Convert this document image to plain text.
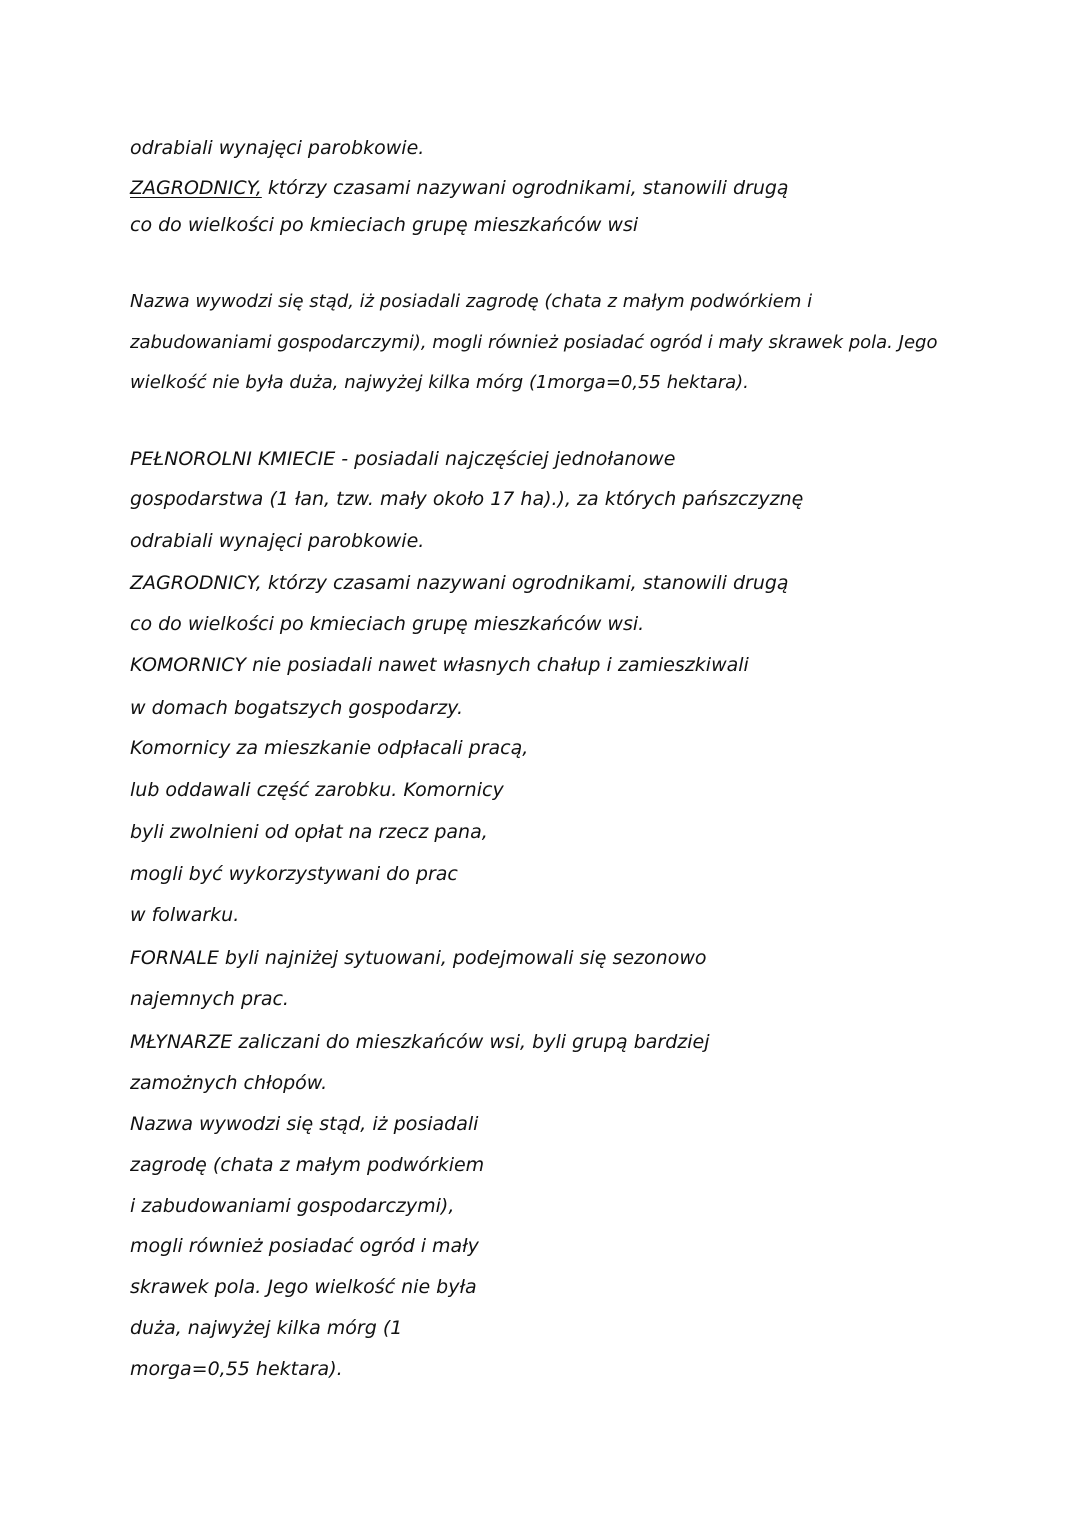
odrabiali wynajęci parobkowie.
ZAGRODNICY, którzy czasami nazywani ogrodnikami, stanowili drugą
co do wielkości po kmieciach grupę mieszkańców wsi
Nazwa wywodzi się stąd, iż posiadali zagrodę (chata z małym podwórkiem i
zabudowaniami gospodarczymi), mogli również posiadać ogród i mały skrawek pola. Jego
wielkość nie była duża, najwyżej kilka mórg (1morga=0,55 hektara).
PEŁNOROLNI KMIECIE - posiadali najczęściej jednołanowe
gospodarstwa (1 łan, tzw. mały około 17 ha).), za których pańszczyznę
odrabiali wynajęci parobkowie.
ZAGRODNICY, którzy czasami nazywani ogrodnikami, stanowili drugą
co do wielkości po kmieciach grupę mieszkańców wsi.
KOMORNICY nie posiadali nawet własnych chałup i zamieszkiwali
w domach bogatszych gospodarzy.
Komornicy za mieszkanie odpłacali pracą,
lub oddawali część zarobku. Komornicy
byli zwolnieni od opłat na rzecz pana,
mogli być wykorzystywani do prac
w folwarku.
FORNALE byli najniżej sytuowani, podejmowali się sezonowo
najemnych prac.
MŁYNARZE zaliczani do mieszkańców wsi, byli grupą bardziej
zamożnych chłopów.
Nazwa wywodzi się stąd, iż posiadali
zagrodę (chata z małym podwórkiem
i zabudowaniami gospodarczymi),
mogli również posiadać ogród i mały
skrawek pola. Jego wielkość nie była
duża, najwyżej kilka mórg (1
morga=0,55 hektara).
